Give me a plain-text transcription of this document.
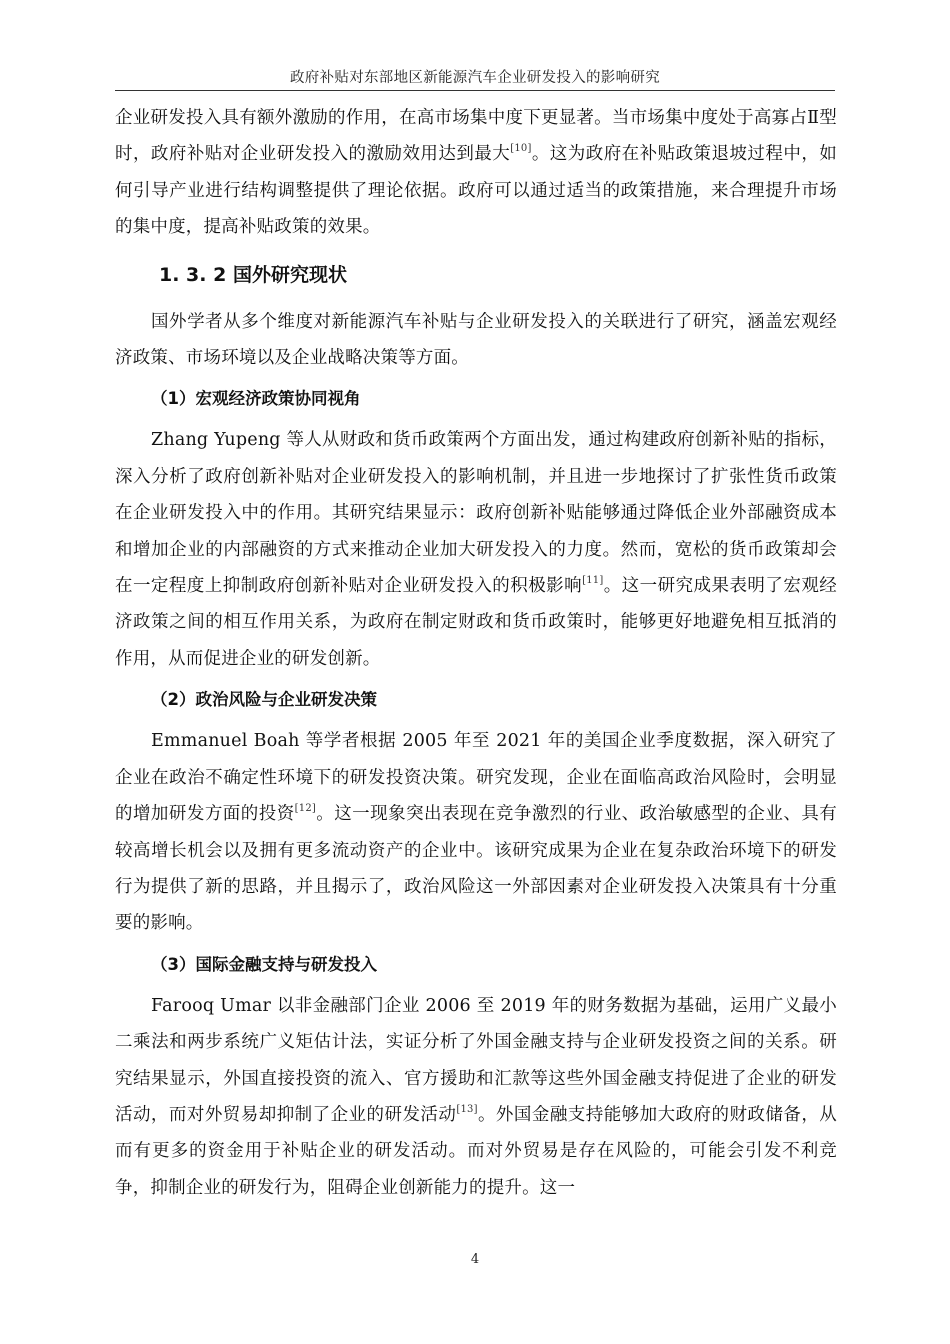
政府补贴对东部地区新能源汽车企业研发投入的影响研究

企业研发投入具有额外激励的作用，在高市场集中度下更显著。当市场集中度处于高寡占Ⅱ型时，政府补贴对企业研发投入的激励效用达到最大[10]。这为政府在补贴政策退坡过程中，如何引导产业进行结构调整提供了理论依据。政府可以通过适当的政策措施，来合理提升市场的集中度，提高补贴政策的效果。

1. 3. 2 国外研究现状

国外学者从多个维度对新能源汽车补贴与企业研发投入的关联进行了研究，涵盖宏观经济政策、市场环境以及企业战略决策等方面。

（1）宏观经济政策协同视角

Zhang Yupeng 等人从财政和货币政策两个方面出发，通过构建政府创新补贴的指标，深入分析了政府创新补贴对企业研发投入的影响机制，并且进一步地探讨了扩张性货币政策在企业研发投入中的作用。其研究结果显示：政府创新补贴能够通过降低企业外部融资成本和增加企业的内部融资的方式来推动企业加大研发投入的力度。然而，宽松的货币政策却会在一定程度上抑制政府创新补贴对企业研发投入的积极影响[11]。这一研究成果表明了宏观经济政策之间的相互作用关系，为政府在制定财政和货币政策时，能够更好地避免相互抵消的作用，从而促进企业的研发创新。

（2）政治风险与企业研发决策

Emmanuel Boah 等学者根据 2005 年至 2021 年的美国企业季度数据，深入研究了企业在政治不确定性环境下的研发投资决策。研究发现，企业在面临高政治风险时，会明显的增加研发方面的投资[12]。这一现象突出表现在竞争激烈的行业、政治敏感型的企业、具有较高增长机会以及拥有更多流动资产的企业中。该研究成果为企业在复杂政治环境下的研发行为提供了新的思路，并且揭示了，政治风险这一外部因素对企业研发投入决策具有十分重要的影响。

（3）国际金融支持与研发投入

Farooq Umar 以非金融部门企业 2006 至 2019 年的财务数据为基础，运用广义最小二乘法和两步系统广义矩估计法，实证分析了外国金融支持与企业研发投资之间的关系。研究结果显示，外国直接投资的流入、官方援助和汇款等这些外国金融支持促进了企业的研发活动，而对外贸易却抑制了企业的研发活动[13]。外国金融支持能够加大政府的财政储备，从而有更多的资金用于补贴企业的研发活动。而对外贸易是存在风险的，可能会引发不利竞争，抑制企业的研发行为，阻碍企业创新能力的提升。这一

4
